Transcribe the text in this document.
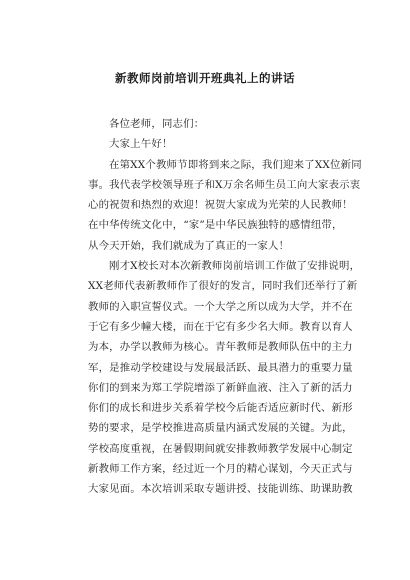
新教师岗前培训开班典礼上的讲话
各位老师，同志们：
大家上午好！
在第XX个教师节即将到来之际，我们迎来了XX位新同
事。我代表学校领导班子和X万余名师生员工向大家表示衷
心的祝贺和热烈的欢迎！祝贺大家成为光荣的人民教师！
在中华传统文化中，“家”是中华民族独特的感情纽带，
从今天开始，我们就成为了真正的一家人！
刚才X校长对本次新教师岗前培训工作做了安排说明，
XX老师代表新教师作了很好的发言，同时我们还举行了新
教师的入职宣誓仪式。一个大学之所以成为大学，并不在
于它有多少幢大楼，而在于它有多少名大师。教育以育人
为本，办学以教师为核心。青年教师是教师队伍中的主力
军，是推动学校建设与发展最活跃、最具潜力的重要力量
你们的到来为郑工学院增添了新鲜血液、注入了新的活力
你们的成长和进步关系着学校今后能否适应新时代、新形
势的要求，是学校推进高质量内涵式发展的关键。为此，
学校高度重视，在暑假期间就安排教师教学发展中心制定
新教师工作方案，经过近一个月的精心谋划，今天正式与
大家见面。本次培训采取专题讲授、技能训练、助课助教
